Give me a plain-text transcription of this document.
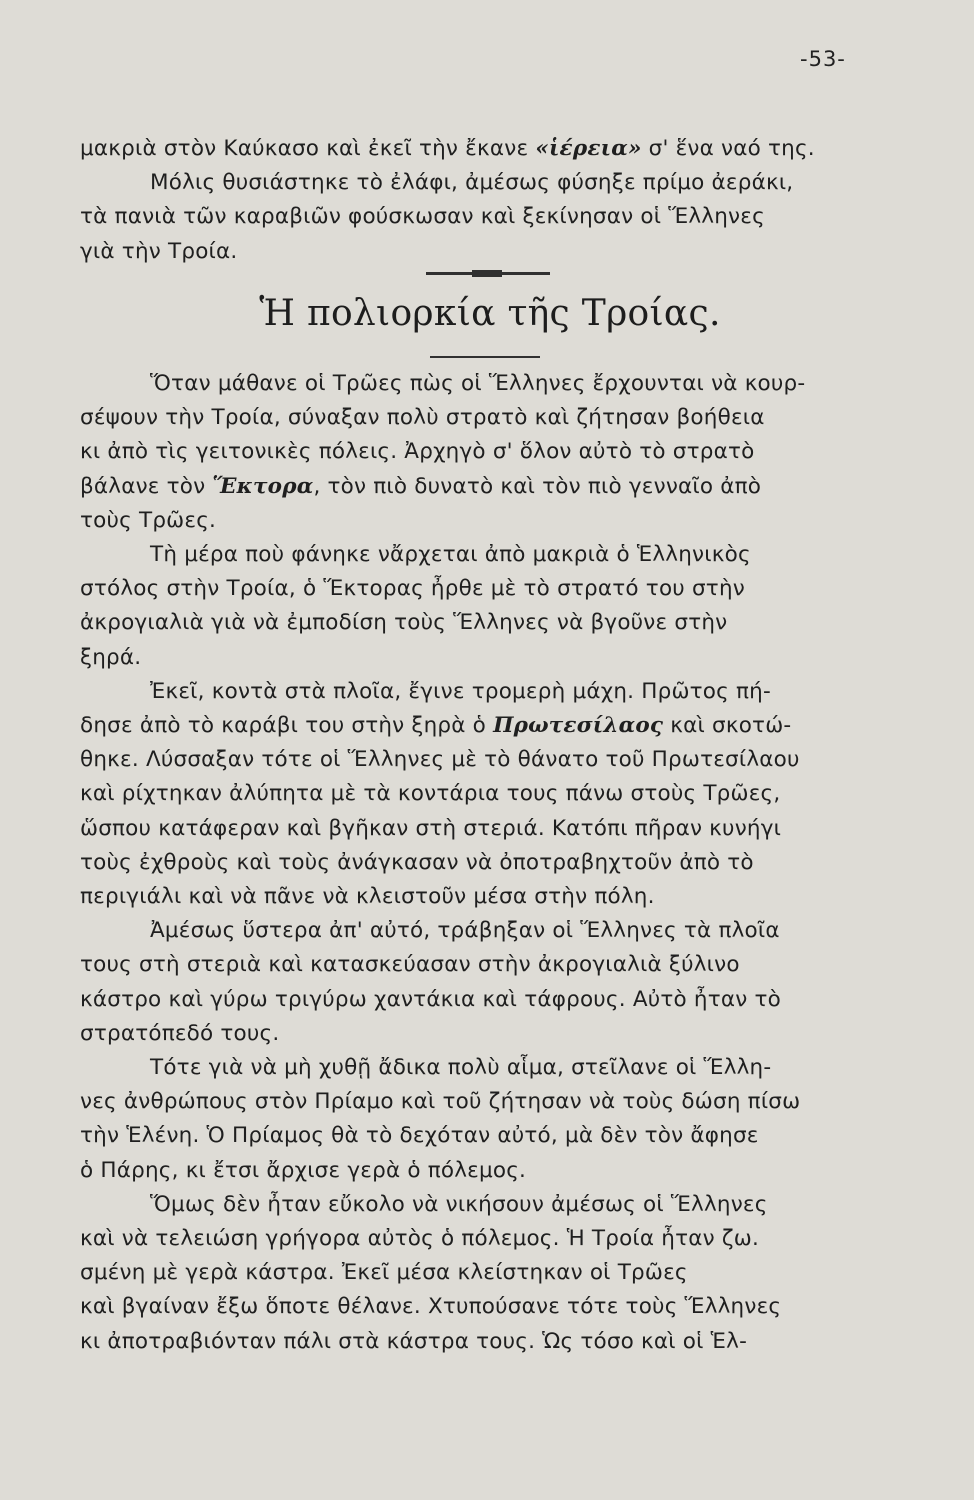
-53-
μακριὰ στὸν Καύκασο καὶ ἐκεῖ τὴν ἔκανε «ἱέρεια» σ' ἕνα ναό της.
Μόλις θυσιάστηκε τὸ ἐλάφι, ἀμέσως φύσηξε πρίμο ἀεράκι,
τὰ πανιὰ τῶν καραβιῶν φούσκωσαν καὶ ξεκίνησαν οἱ Ἕλληνες
γιὰ τὴν Τροία.
Ἡ πολιορκία τῆς Τροίας.
Ὅταν μάθανε οἱ Τρῶες πὼς οἱ Ἕλληνες ἔρχουνται νὰ κουρ-
σέψουν τὴν Τροία, σύναξαν πολὺ στρατὸ καὶ ζήτησαν βοήθεια
κι ἀπὸ τὶς γειτονικὲς πόλεις. Ἀρχηγὸ σ' ὅλον αὐτὸ τὸ στρατὸ
βάλανε τὸν Ἕκτορα, τὸν πιὸ δυνατὸ καὶ τὸν πιὸ γενναῖο ἀπὸ
τοὺς Τρῶες.
Τὴ μέρα ποὺ φάνηκε νἄρχεται ἀπὸ μακριὰ ὁ Ἑλληνικὸς
στόλος στὴν Τροία, ὁ Ἕκτορας ἦρθε μὲ τὸ στρατό του στὴν
ἀκρογιαλιὰ γιὰ νὰ ἐμποδίση τοὺς Ἕλληνες νὰ βγοῦνε στὴν
ξηρά.
Ἐκεῖ, κοντὰ στὰ πλοῖα, ἔγινε τρομερὴ μάχη. Πρῶτος πή-
δησε ἀπὸ τὸ καράβι του στὴν ξηρὰ ὁ Πρωτεσίλαος καὶ σκοτώ-
θηκε. Λύσσαξαν τότε οἱ Ἕλληνες μὲ τὸ θάνατο τοῦ Πρωτεσίλαου
καὶ ρίχτηκαν ἀλύπητα μὲ τὰ κοντάρια τους πάνω στοὺς Τρῶες,
ὥσπου κατάφεραν καὶ βγῆκαν στὴ στεριά. Κατόπι πῆραν κυνήγι
τοὺς ἐχθροὺς καὶ τοὺς ἀνάγκασαν νὰ ὀποτραβηχτοῦν ἀπὸ τὸ
περιγιάλι καὶ νὰ πᾶνε νὰ κλειστοῦν μέσα στὴν πόλη.
Ἀμέσως ὕστερα ἀπ' αὐτό, τράβηξαν οἱ Ἕλληνες τὰ πλοῖα
τους στὴ στεριὰ καὶ κατασκεύασαν στὴν ἀκρογιαλιὰ ξύλινο
κάστρο καὶ γύρω τριγύρω χαντάκια καὶ τάφρους. Αὐτὸ ἦταν τὸ
στρατόπεδό τους.
Τότε γιὰ νὰ μὴ χυθῇ ἄδικα πολὺ αἷμα, στεῖλανε οἱ Ἕλλη-
νες ἀνθρώπους στὸν Πρίαμο καὶ τοῦ ζήτησαν νὰ τοὺς δώση πίσω
τὴν Ἑλένη. Ὁ Πρίαμος θὰ τὸ δεχόταν αὐτό, μὰ δὲν τὸν ἄφησε
ὁ Πάρης, κι ἔτσι ἄρχισε γερὰ ὁ πόλεμος.
Ὅμως δὲν ἦταν εὔκολο νὰ νικήσουν ἀμέσως οἱ Ἕλληνες
καὶ νὰ τελειώση γρήγορα αὐτὸς ὁ πόλεμος. Ἡ Τροία ἦταν ζω.
σμένη μὲ γερὰ κάστρα. Ἐκεῖ μέσα κλείστηκαν οἱ Τρῶες
καὶ βγαίναν ἔξω ὅποτε θέλανε. Χτυπούσανε τότε τοὺς Ἕλληνες
κι ἀποτραβιόνταν πάλι στὰ κάστρα τους. Ὡς τόσο καὶ οἱ Ἑλ-
